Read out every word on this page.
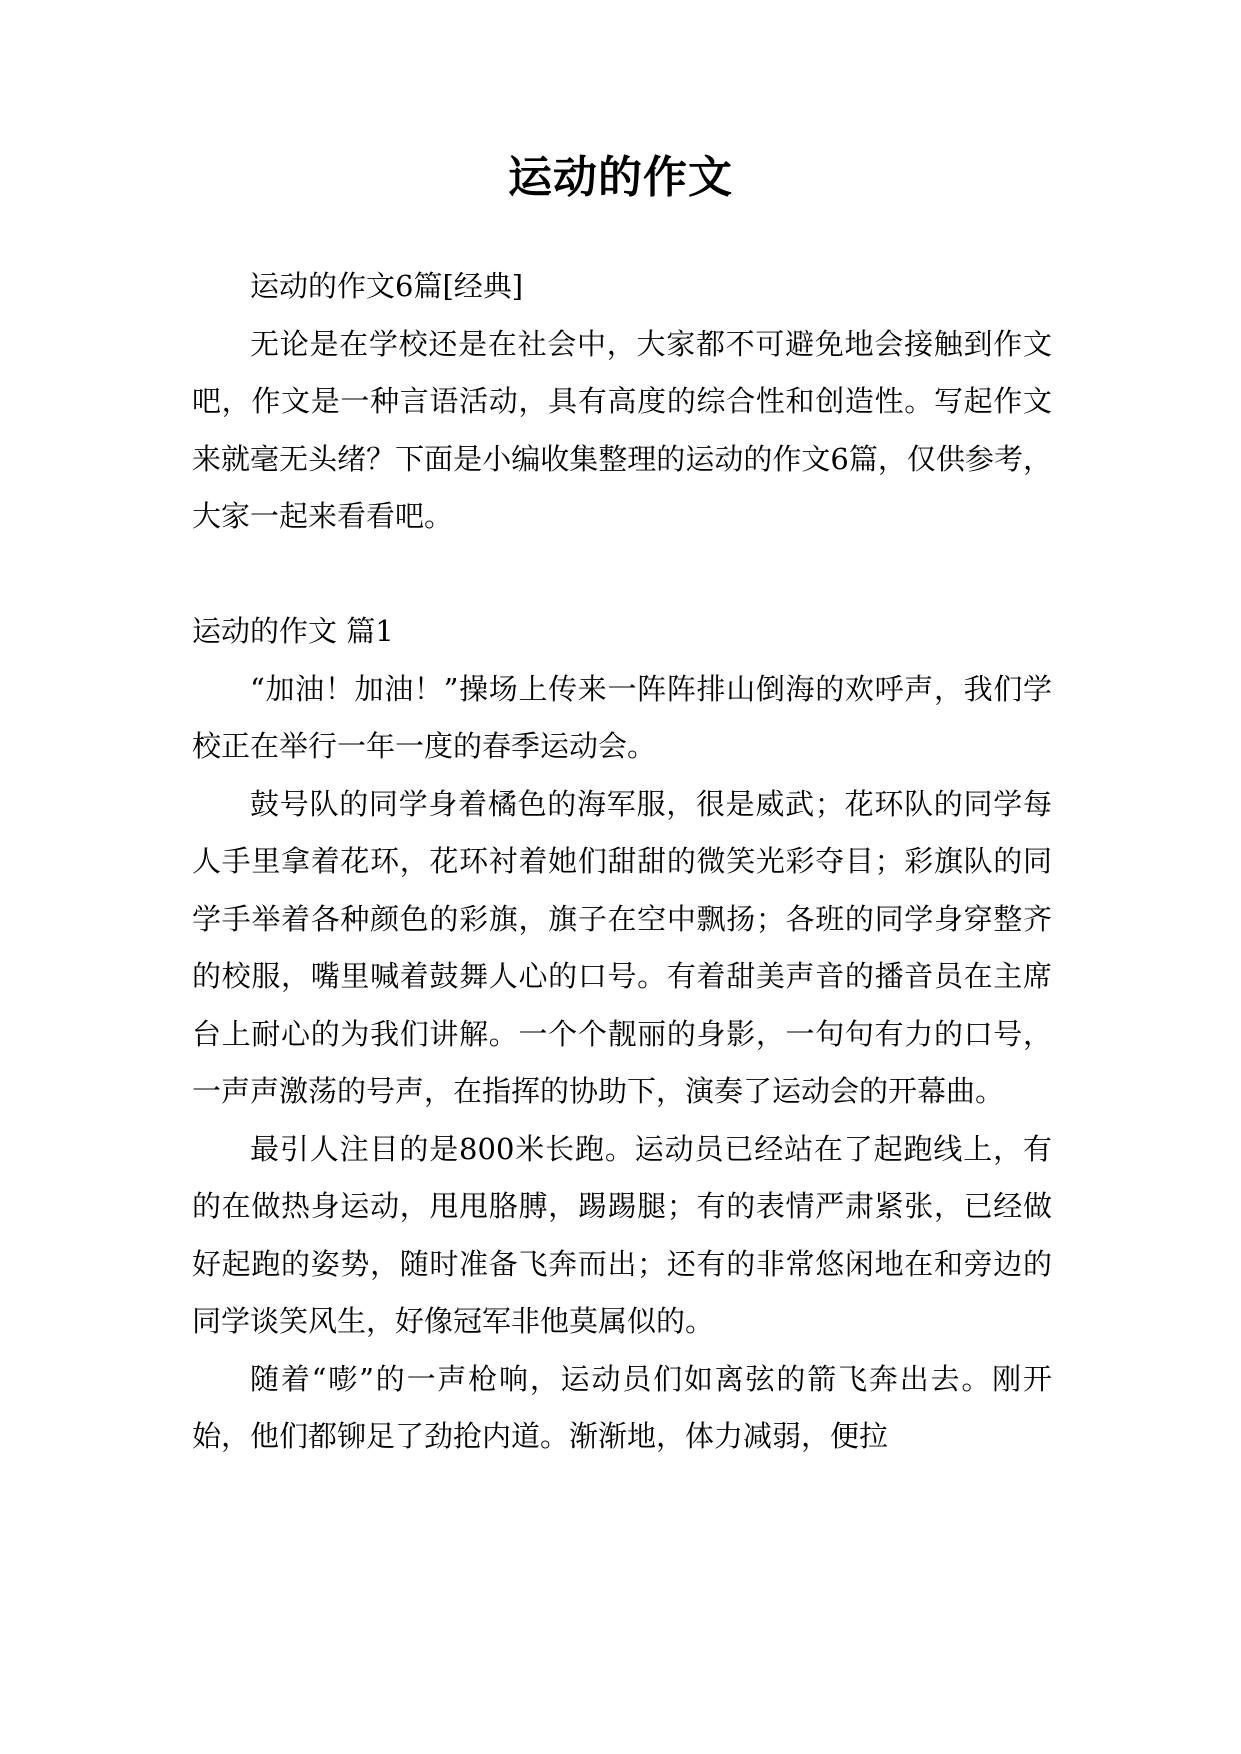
运动的作文

运动的作文6篇[经典]

无论是在学校还是在社会中，大家都不可避免地会接触到作文吧，作文是一种言语活动，具有高度的综合性和创造性。写起作文来就毫无头绪？下面是小编收集整理的运动的作文6篇，仅供参考，大家一起来看看吧。

运动的作文 篇1

“加油！加油！”操场上传来一阵阵排山倒海的欢呼声，我们学校正在举行一年一度的春季运动会。

鼓号队的同学身着橘色的海军服，很是威武；花环队的同学每人手里拿着花环，花环衬着她们甜甜的微笑光彩夺目；彩旗队的同学手举着各种颜色的彩旗，旗子在空中飘扬；各班的同学身穿整齐的校服，嘴里喊着鼓舞人心的口号。有着甜美声音的播音员在主席台上耐心的为我们讲解。一个个靓丽的身影，一句句有力的口号，一声声激荡的号声，在指挥的协助下，演奏了运动会的开幕曲。

最引人注目的是800米长跑。运动员已经站在了起跑线上，有的在做热身运动，甩甩胳膊，踢踢腿；有的表情严肃紧张，已经做好起跑的姿势，随时准备飞奔而出；还有的非常悠闲地在和旁边的同学谈笑风生，好像冠军非他莫属似的。

随着“嘭”的一声枪响，运动员们如离弦的箭飞奔出去。刚开始，他们都铆足了劲抢内道。渐渐地，体力减弱，便拉
